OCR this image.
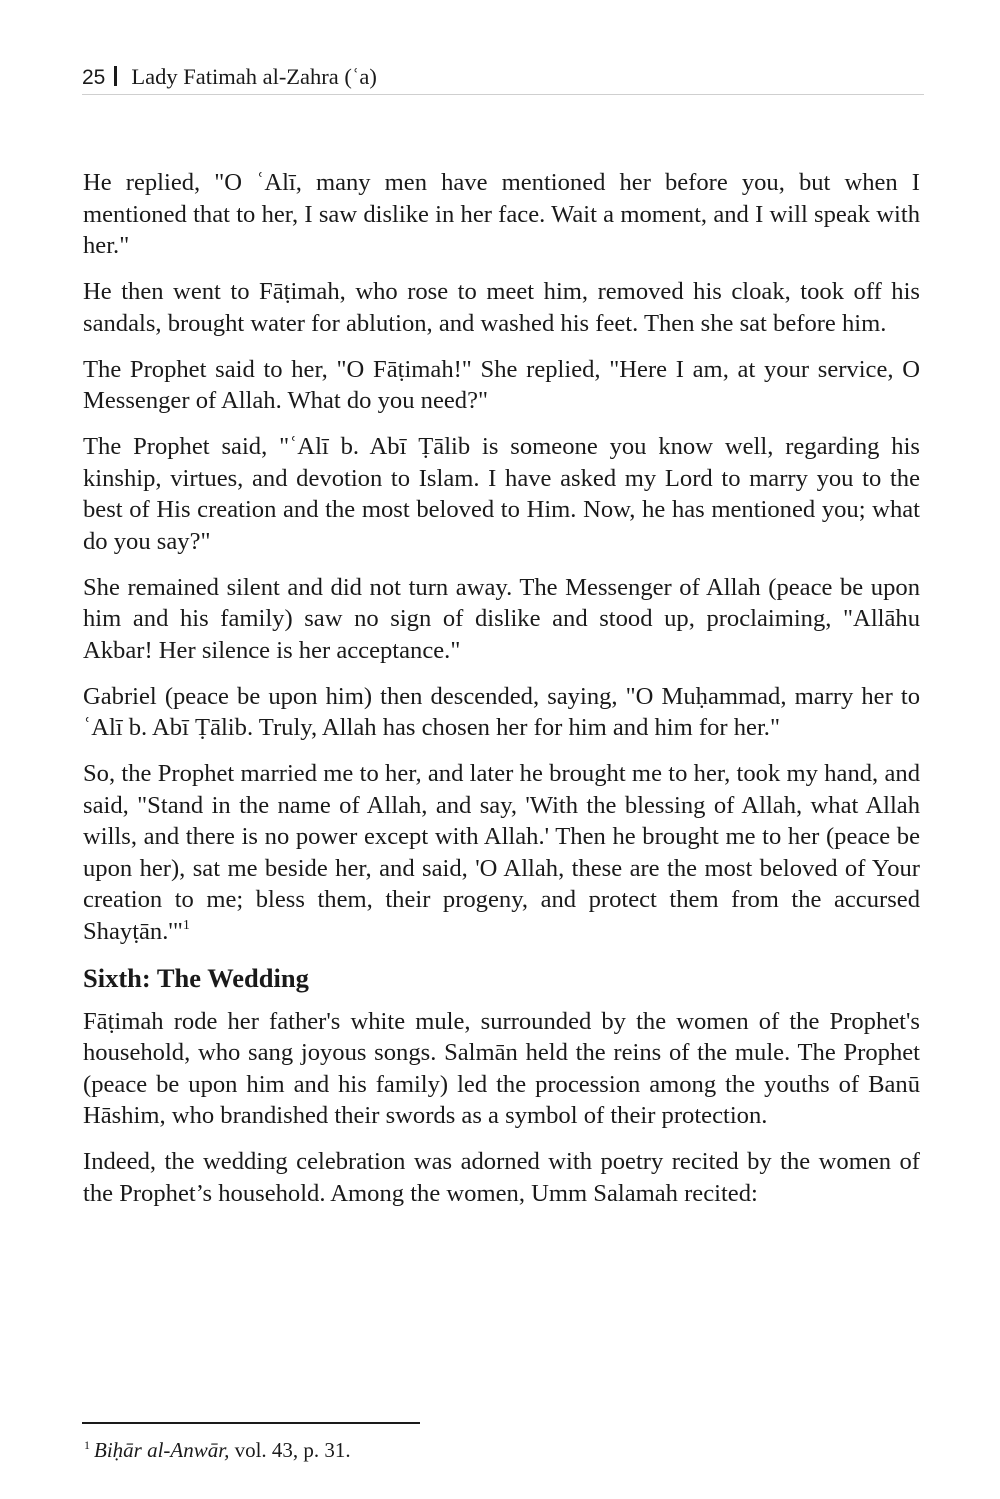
25 Lady Fatimah al-Zahra (ʿa)

He replied, "O ʿAlī, many men have mentioned her before you, but when I mentioned that to her, I saw dislike in her face. Wait a moment, and I will speak with her."

He then went to Fāṭimah, who rose to meet him, removed his cloak, took off his sandals, brought water for ablution, and washed his feet. Then she sat before him.

The Prophet said to her, "O Fāṭimah!" She replied, "Here I am, at your service, O Messenger of Allah. What do you need?"

The Prophet said, "ʿAlī b. Abī Ṭālib is someone you know well, regarding his kinship, virtues, and devotion to Islam. I have asked my Lord to marry you to the best of His creation and the most beloved to Him. Now, he has mentioned you; what do you say?"

She remained silent and did not turn away. The Messenger of Allah (peace be upon him and his family) saw no sign of dislike and stood up, proclaiming, "Allāhu Akbar! Her silence is her acceptance."

Gabriel (peace be upon him) then descended, saying, "O Muḥammad, marry her to ʿAlī b. Abī Ṭālib. Truly, Allah has chosen her for him and him for her."

So, the Prophet married me to her, and later he brought me to her, took my hand, and said, "Stand in the name of Allah, and say, 'With the blessing of Allah, what Allah wills, and there is no power except with Allah.' Then he brought me to her (peace be upon her), sat me beside her, and said, 'O Allah, these are the most beloved of Your creation to me; bless them, their progeny, and protect them from the accursed Shayṭān.'"$^1$

Sixth: The Wedding

Fāṭimah rode her father's white mule, surrounded by the women of the Prophet's household, who sang joyous songs. Salmān held the reins of the mule. The Prophet (peace be upon him and his family) led the procession among the youths of Banū Hāshim, who brandished their swords as a symbol of their protection.

Indeed, the wedding celebration was adorned with poetry recited by the women of the Prophet’s household. Among the women, Umm Salamah recited:

$^1$ Biḥār al-Anwār, vol. 43, p. 31.
